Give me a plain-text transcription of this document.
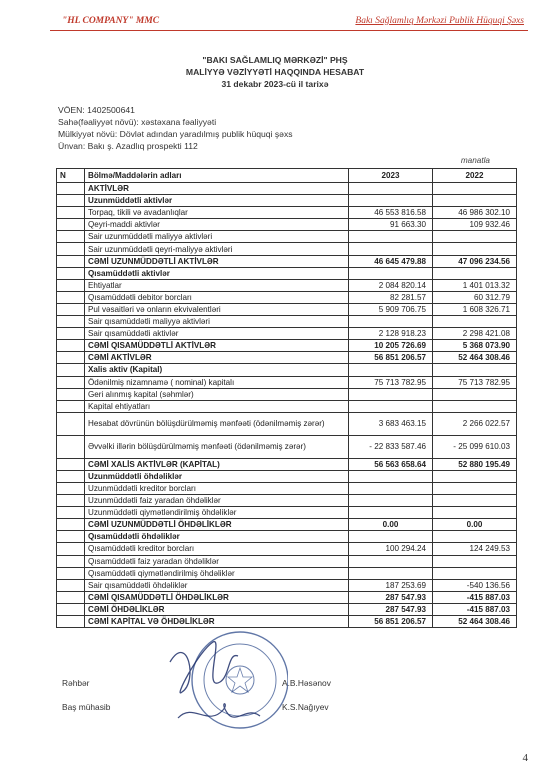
"HL COMPANY" MMC	Bakı Sağlamlıq Mərkəzi Publik Hüquqi Şəxs
"BAKI SAĞLAMLIQ MƏRKƏZİ" PHŞ
MALİYYƏ VƏZİYYƏTİ HAQQINDA HESABAT
31 dekabr 2023-cü il tarixə
VÖEN: 1402500641
Sahə(fəaliyyət növü): xəstəxana fəaliyyəti
Mülkiyyət növü: Dövlət adından yaradılmış publik hüquqi şəxs
Ünvan: Bakı ş. Azadlıq prospekti 112
manatla
N	Bölmə/Maddələrin adları	2023	2022
	AKTİVLƏR		
	Uzunmüddətli aktivlər		
	Torpaq, tikili və avadanlıqlar	46 553 816.58	46 986 302.10
	Qeyri-maddi aktivlər	91 663.30	109 932.46
	Sair uzunmüddətli maliyyə aktivləri		
	Sair uzunmüddətli qeyri-maliyyə aktivləri		
	CƏMİ UZUNMÜDDƏTLİ AKTİVLƏR	46 645 479.88	47 096 234.56
	Qısamüddətli aktivlər		
	Ehtiyatlar	2 084 820.14	1 401 013.32
	Qısamüddətli debitor borcları	82 281.57	60 312.79
	Pul vəsaitləri və onların ekvivalentləri	5 909 706.75	1 608 326.71
	Sair qısamüddətli maliyyə aktivləri		
	Sair qısamüddətli aktivlər	2 128 918.23	2 298 421.08
	CƏMİ QISAMÜDDƏTLİ AKTİVLƏR	10 205 726.69	5 368 073.90
	CƏMİ AKTİVLƏR	56 851 206.57	52 464 308.46
	Xalis aktiv (Kapital)		
	Ödənilmiş nizamnamə ( nominal) kapitalı	75 713 782.95	75 713 782.95
	Geri alınmış kapital (səhmlər)		
	Kapital ehtiyatları		
	Hesabat dövrünün bölüşdürülməmiş mənfəəti (ödənilməmiş zərər)	3 683 463.15	2 266 022.57
	Əvvəlki illərin bölüşdürülməmiş mənfəəti (ödənilməmiş zərər)	- 22 833 587.46	- 25 099 610.03
	CƏMİ XALİS AKTİVLƏR (KAPİTAL)	56 563 658.64	52 880 195.49
	Uzunmüddətli öhdəliklər		
	Uzunmüddətli kreditor borcları		
	Uzunmüddətli faiz yaradan öhdəliklər		
	Uzunmüddətli qiymətləndirilmiş öhdəliklər		
	CƏMİ UZUNMÜDDƏTLİ ÖHDƏLİKLƏR	0.00	0.00
	Qısamüddətli öhdəliklər		
	Qısamüddətli kreditor borcları	100 294.24	124 249.53
	Qısamüddətli faiz yaradan öhdəliklər		
	Qısamüddətli qiymətləndirilmiş öhdəliklər		
	Sair qısamüddətli öhdəliklər	187 253.69	-540 136.56
	CƏMİ QISAMÜDDƏTLİ ÖHDƏLİKLƏR	287 547.93	-415 887.03
	CƏMİ ÖHDƏLİKLƏR	287 547.93	-415 887.03
	CƏMİ KAPİTAL VƏ ÖHDƏLİKLƏR	56 851 206.57	52 464 308.46
Rəhbər	A.B.Həsənov
Baş mühasib	K.S.Nağıyev
4
